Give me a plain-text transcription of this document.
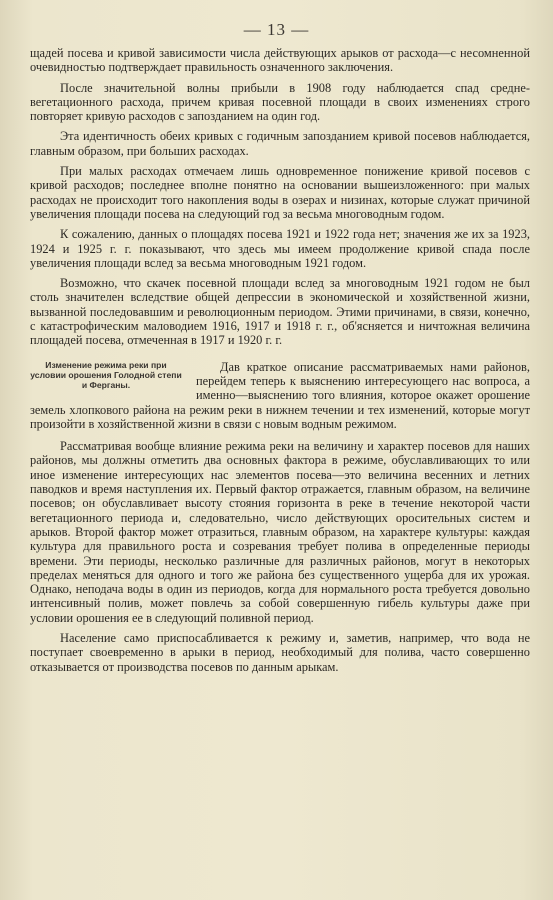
— 13 —

щадей посева и кривой зависимости числа действующих арыков от расхода—с несомненной очевидностью подтверждает правильность означенного заключения.

После значительной волны прибыли в 1908 году наблюдается спад средне-вегетационного расхода, причем кривая посевной площади в своих изменениях строго повторяет кривую расходов с запозданием на один год.

Эта идентичность обеих кривых с годичным запозданием кривой посевов наблюдается, главным образом, при больших расходах.

При малых расходах отмечаем лишь одновременное понижение кривой посевов с кривой расходов; последнее вполне понятно на основании вышеизложенного: при малых расходах не происходит того накопления воды в озерах и низинах, которые служат причиной увеличения площади посева на следующий год за весьма многоводным годом.

К сожалению, данных о площадях посева 1921 и 1922 года нет; значения же их за 1923, 1924 и 1925 г. г. показывают, что здесь мы имеем продолжение кривой спада после увеличения площади вслед за весьма многоводным 1921 годом.

Возможно, что скачек посевной площади вслед за многоводным 1921 годом не был столь значителен вследствие общей депрессии в экономической и хозяйственной жизни, вызванной последовавшим и революционным периодом. Этими причинами, в связи, конечно, с катастрофическим маловодием 1916, 1917 и 1918 г. г., об'ясняется и ничтожная величина площадей посева, отмеченная в 1917 и 1920 г. г.

Изменение режима реки при условии орошения Голодной степи и Ферганы.

Дав краткое описание рассматриваемых нами районов, перейдем теперь к выяснению интересующего нас вопроса, а именно—выяснению того влияния, которое окажет орошение земель хлопкового района на режим реки в нижнем течении и тех изменений, которые могут произойти в хозяйственной жизни в связи с новым водным режимом.

Рассматривая вообще влияние режима реки на величину и характер посевов для наших районов, мы должны отметить два основных фактора в режиме, обуславливающих то или иное изменение интересующих нас элементов посева—это величина весенних и летних паводков и время наступления их. Первый фактор отражается, главным образом, на величине посевов; он обуславливает высоту стояния горизонта в реке в течение некоторой части вегетационного периода и, следовательно, число действующих оросительных систем и арыков. Второй фактор может отразиться, главным образом, на характере культуры: каждая культура для правильного роста и созревания требует полива в определенные периоды времени. Эти периоды, несколько различные для различных районов, могут в некоторых пределах меняться для одного и того же района без существенного ущерба для их урожая. Однако, неподача воды в один из периодов, когда для нормального роста требуется довольно интенсивный полив, может повлечь за собой совершенную гибель культуры даже при условии орошения ее в следующий поливной период.

Население само приспосабливается к режиму и, заметив, например, что вода не поступает своевременно в арыки в период, необходимый для полива, часто совершенно отказывается от производства посевов по данным арыкам.
